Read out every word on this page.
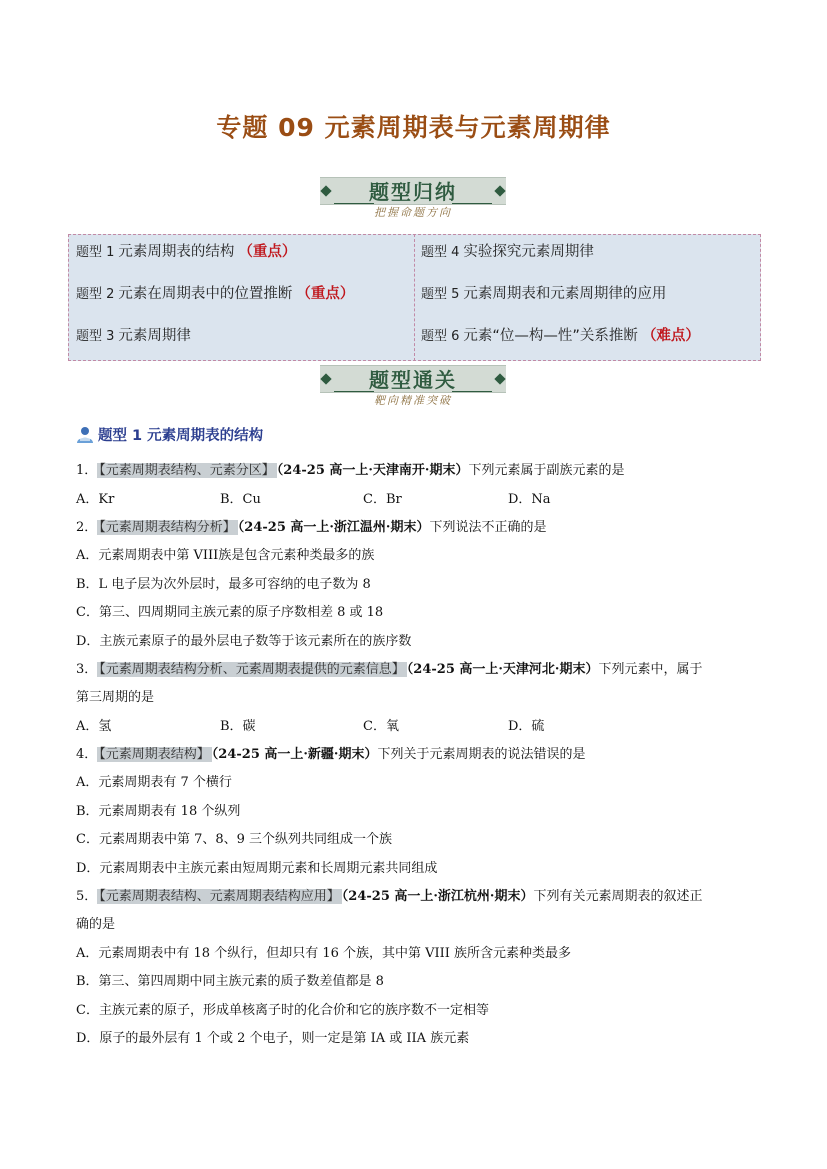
专题 09 元素周期表与元素周期律
题型归纳
把握命题方向
题型 1 元素周期表的结构 （重点）
题型 2 元素在周期表中的位置推断 （重点）
题型 3 元素周期律
题型 4 实验探究元素周期律
题型 5 元素周期表和元素周期律的应用
题型 6 元素“位—构—性”关系推断 （难点）
题型通关
靶向精准突破
题型 1 元素周期表的结构
1． 【元素周期表结构、元素分区】 （24-25 高一上·天津南开·期末）下列元素属于副族元素的是
A．Kr	B．Cu	C．Br	D．Na
2． 【元素周期表结构分析】 （24-25 高一上·浙江温州·期末）下列说法不正确的是
A．元素周期表中第 VIII族是包含元素种类最多的族
B．L 电子层为次外层时，最多可容纳的电子数为 8
C．第三、四周期同主族元素的原子序数相差 8 或 18
D．主族元素原子的最外层电子数等于该元素所在的族序数
3． 【元素周期表结构分析、元素周期表提供的元素信息】 （24-25 高一上·天津河北·期末）下列元素中，属于
第三周期的是
A．氢	B．碳	C．氧	D．硫
4． 【元素周期表结构】 （24-25 高一上·新疆·期末）下列关于元素周期表的说法错误的是
A．元素周期表有 7 个横行
B．元素周期表有 18 个纵列
C．元素周期表中第 7、8、9 三个纵列共同组成一个族
D．元素周期表中主族元素由短周期元素和长周期元素共同组成
5． 【元素周期表结构、元素周期表结构应用】 （24-25 高一上·浙江杭州·期末）下列有关元素周期表的叙述正
确的是
A．元素周期表中有 18 个纵行，但却只有 16 个族，其中第 VIII 族所含元素种类最多
B．第三、第四周期中同主族元素的质子数差值都是 8
C．主族元素的原子，形成单核离子时的化合价和它的族序数不一定相等
D．原子的最外层有 1 个或 2 个电子，则一定是第 IA 或 IIA 族元素
